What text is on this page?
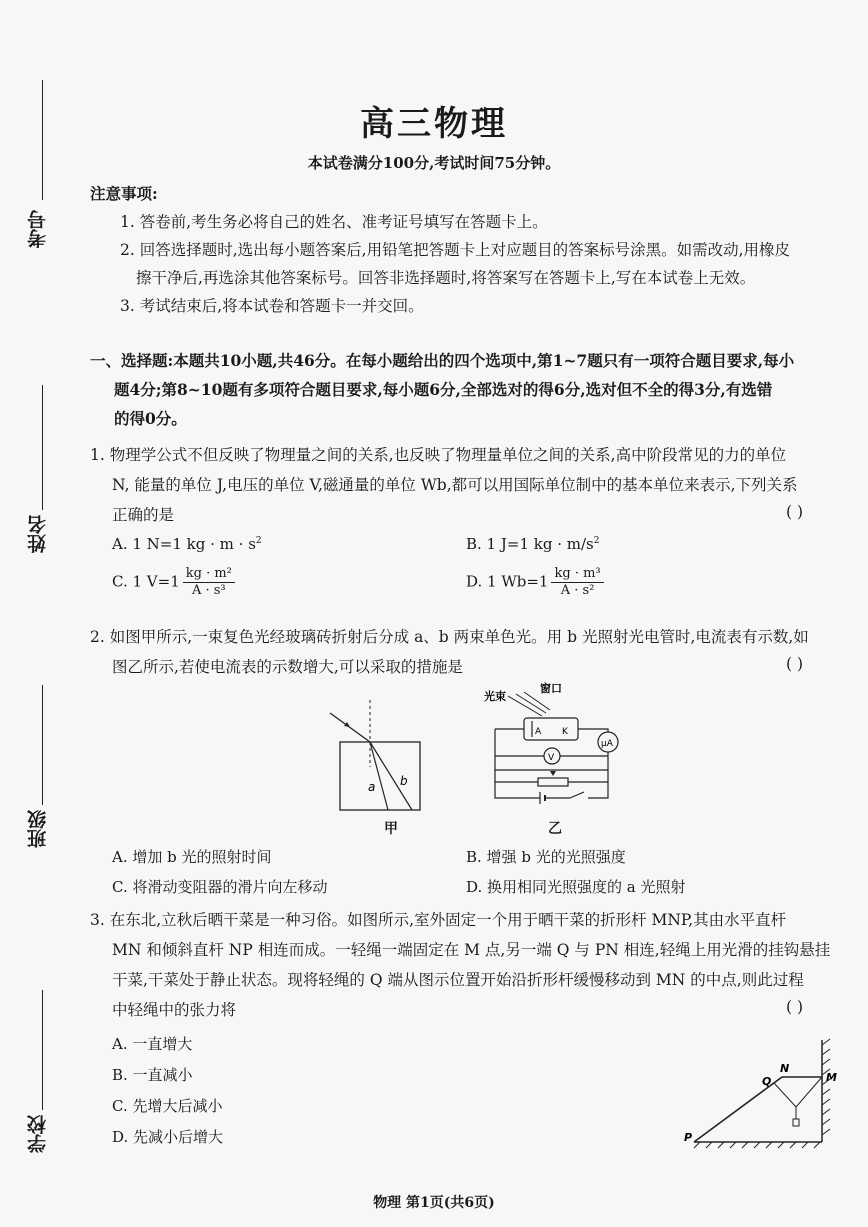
考号
姓名
班级
学校
高三物理
本试卷满分100分,考试时间75分钟。
注意事项:
1. 答卷前,考生务必将自己的姓名、准考证号填写在答题卡上。
2. 回答选择题时,选出每小题答案后,用铅笔把答题卡上对应题目的答案标号涂黑。如需改动,用橡皮
擦干净后,再选涂其他答案标号。回答非选择题时,将答案写在答题卡上,写在本试卷上无效。
3. 考试结束后,将本试卷和答题卡一并交回。
一、选择题:本题共10小题,共46分。在每小题给出的四个选项中,第1~7题只有一项符合题目要求,每小
题4分;第8~10题有多项符合题目要求,每小题6分,全部选对的得6分,选对但不全的得3分,有选错
的得0分。
1. 物理学公式不但反映了物理量之间的关系,也反映了物理量单位之间的关系,高中阶段常见的力的单位
N, 能量的单位 J,电压的单位 V,磁通量的单位 Wb,都可以用国际单位制中的基本单位来表示,下列关系
正确的是	( )
A. 1 N=1 kg · $m \cdot s^2$	B. 1 J=1 kg · $m/s^2$
C. 1 $V=1 \frac{\text{kg · m²}}{\text{A · s³}}$	D. 1 $Wb=1 \frac{\text{kg · m³}}{\text{A · s²}}$
2. 如图甲所示,一束复色光经玻璃砖折射后分成 a、b 两束单色光。用 b 光照射光电管时,电流表有示数,如
图乙所示,若使电流表的示数增大,可以采取的措施是	( )
a b
甲
光束
窗口
A K
μA
V
乙
A. 增加 b 光的照射时间	B. 增强 b 光的光照强度
C. 将滑动变阻器的滑片向左移动	D. 换用相同光照强度的 a 光照射
3. 在东北,立秋后晒干菜是一种习俗。如图所示,室外固定一个用于晒干菜的折形杆 MNP,其由水平直杆
MN 和倾斜直杆 NP 相连而成。一轻绳一端固定在 M 点,另一端 Q 与 PN 相连,轻绳上用光滑的挂钩悬挂
干菜,干菜处于静止状态。现将轻绳的 Q 端从图示位置开始沿折形杆缓慢移动到 MN 的中点,则此过程
中轻绳中的张力将	( )
A. 一直增大
B. 一直减小
C. 先增大后减小
D. 先减小后增大
Q
N
M
P
物理 第1页(共6页)
